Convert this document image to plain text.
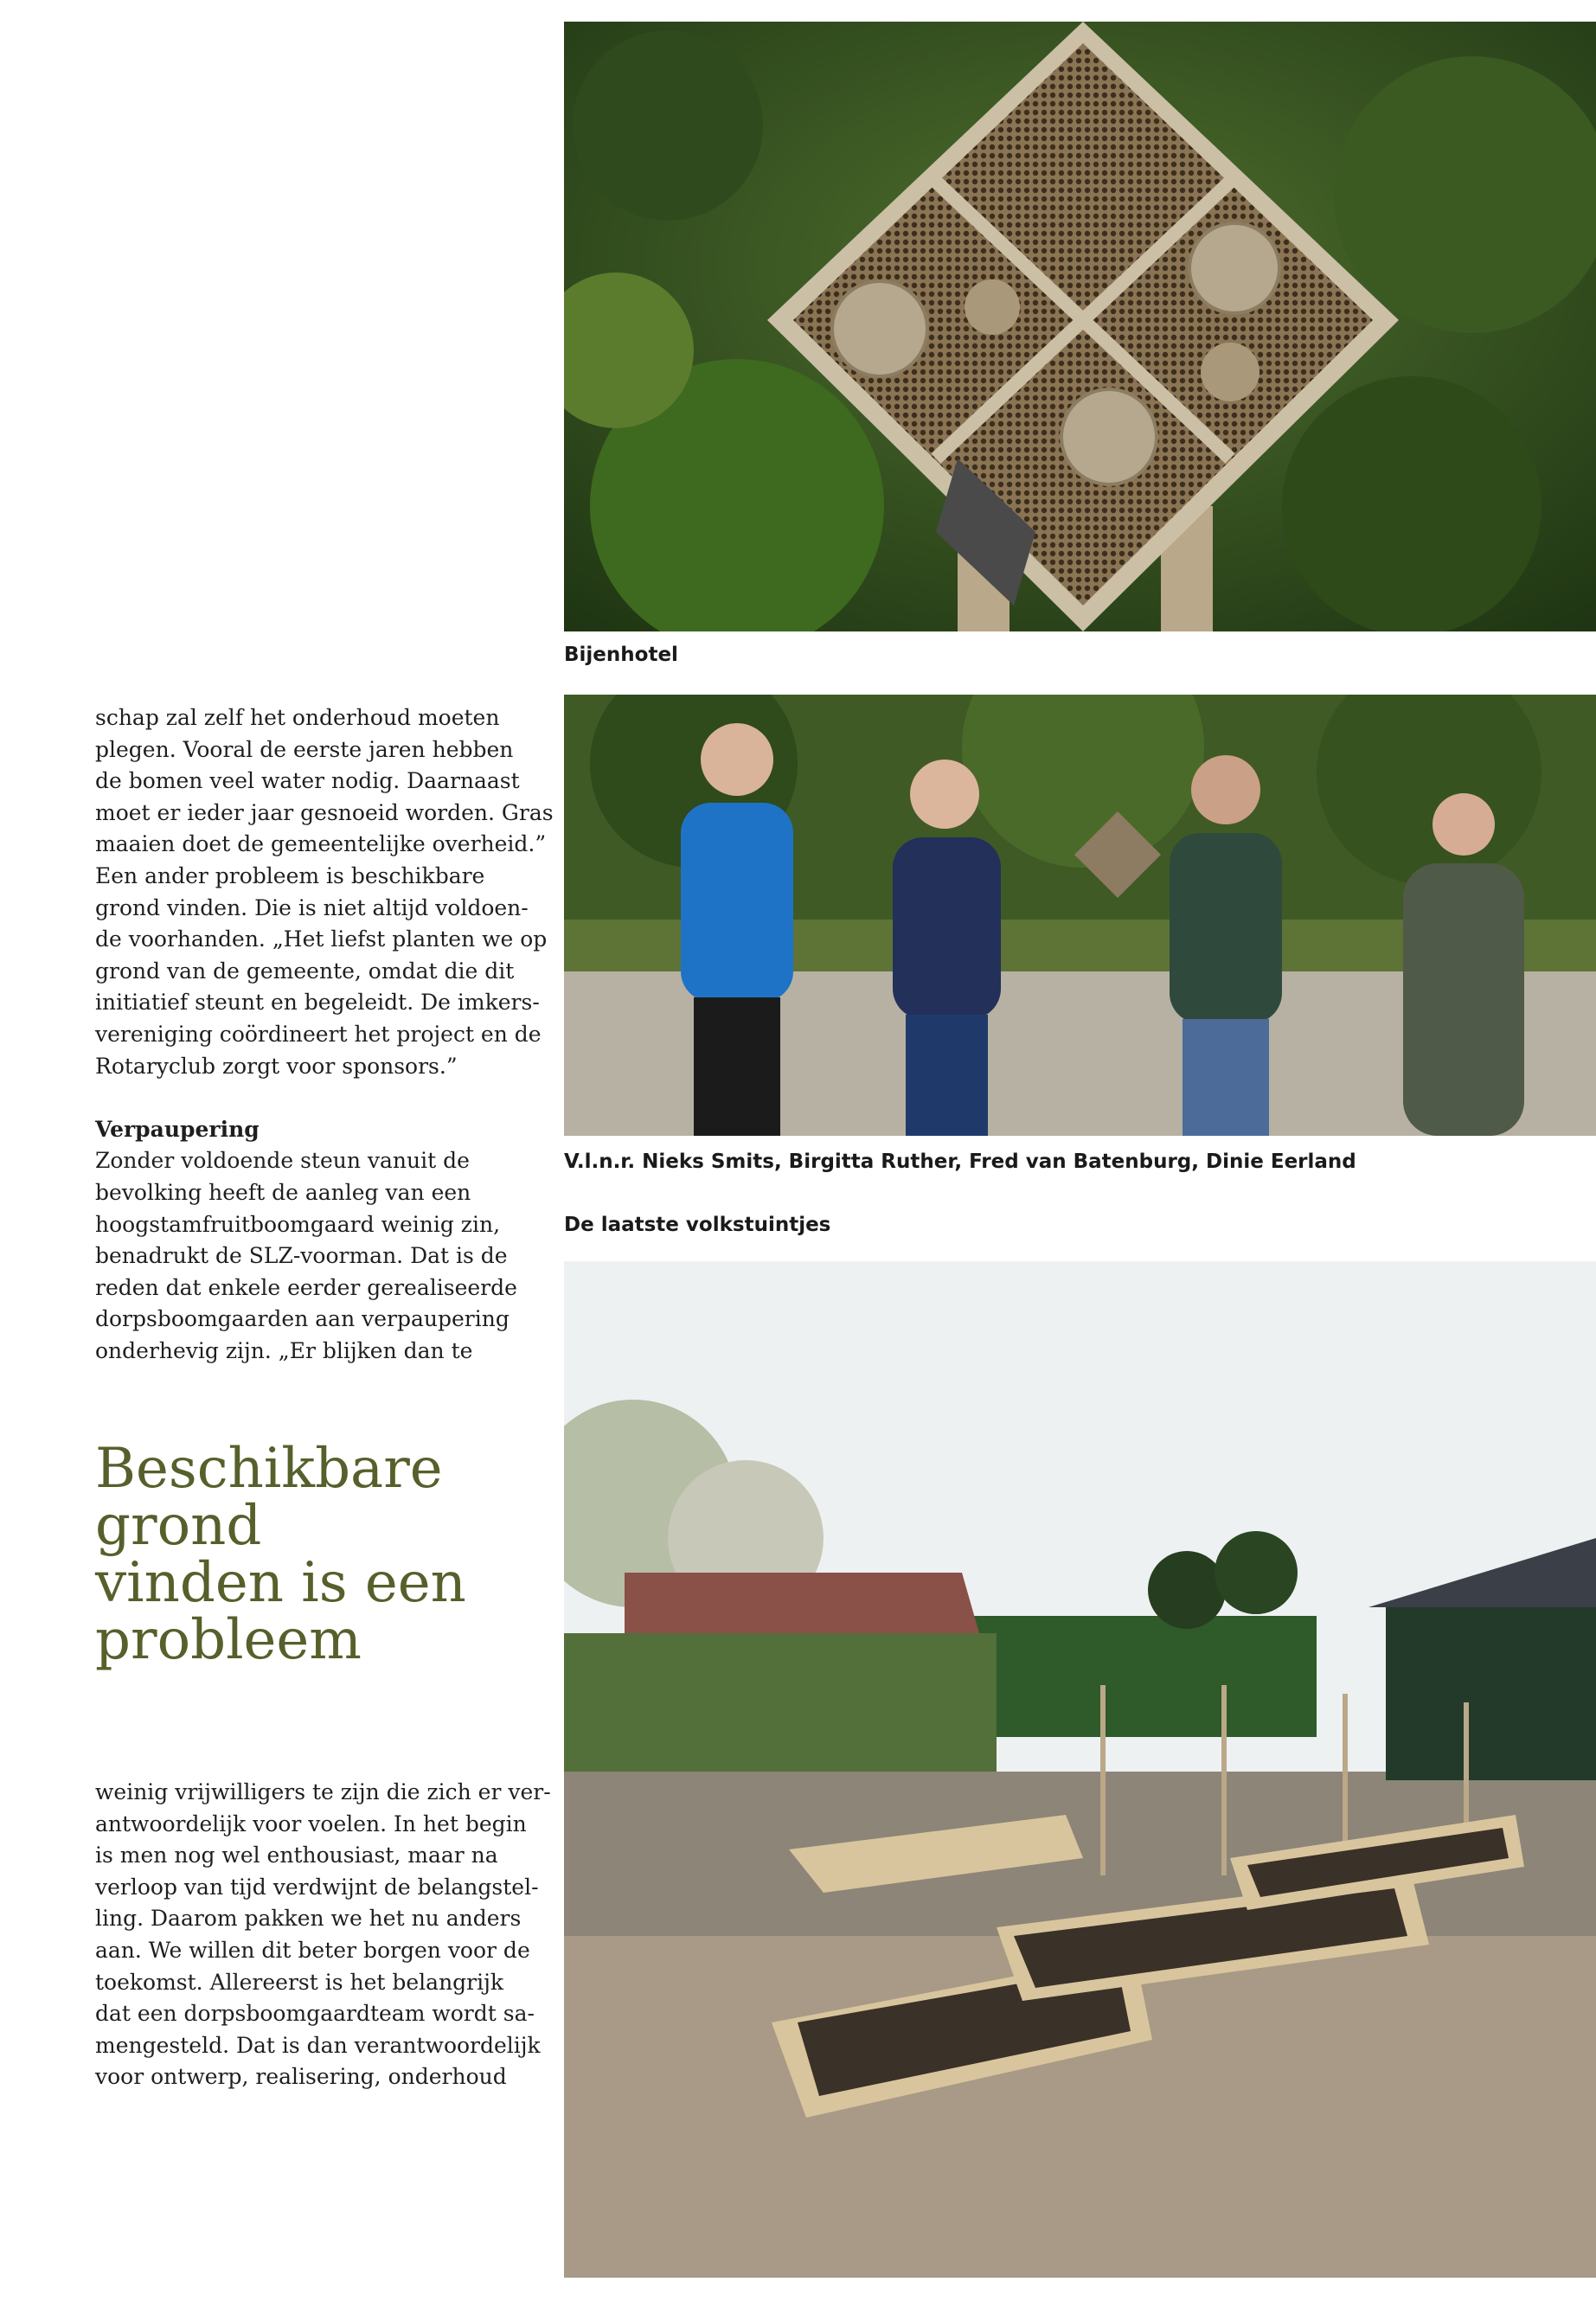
Bijenhotel
V.l.n.r. Nieks Smits, Birgitta Ruther, Fred van Batenburg, Dinie Eerland
De laatste volkstuintjes
schap zal zelf het onderhoud moeten
plegen. Vooral de eerste jaren hebben
de bomen veel water nodig. Daarnaast
moet er ieder jaar gesnoeid worden. Gras
maaien doet de gemeentelijke overheid.”
Een ander probleem is beschikbare
grond vinden. Die is niet altijd voldoen-
de voorhanden. „Het liefst planten we op
grond van de gemeente, omdat die dit
initiatief steunt en begeleidt. De imkers-
vereniging coördineert het project en de
Rotaryclub zorgt voor sponsors.”
Verpaupering
Zonder voldoende steun vanuit de
bevolking heeft de aanleg van een
hoogstamfruitboomgaard weinig zin,
benadrukt de SLZ-voorman. Dat is de
reden dat enkele eerder gerealiseerde
dorpsboomgaarden aan verpaupering
onderhevig zijn. „Er blijken dan te
Beschikbare
grond
vinden is een
probleem
weinig vrijwilligers te zijn die zich er ver-
antwoordelijk voor voelen. In het begin
is men nog wel enthousiast, maar na
verloop van tijd verdwijnt de belangstel-
ling. Daarom pakken we het nu anders
aan. We willen dit beter borgen voor de
toekomst. Allereerst is het belangrijk
dat een dorpsboomgaardteam wordt sa-
mengesteld. Dat is dan verantwoordelijk
voor ontwerp, realisering, onderhoud
